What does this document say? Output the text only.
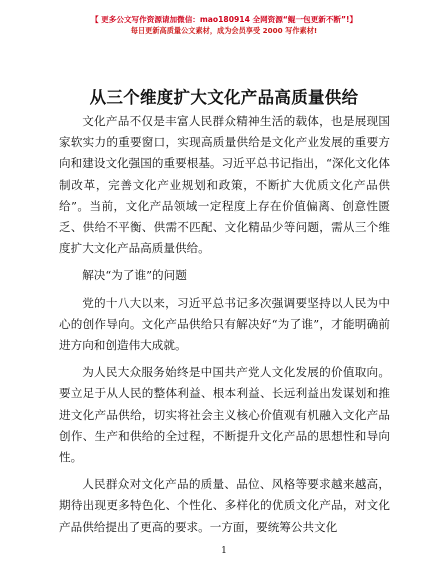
【 更多公文写作资源请加微信：mao180914 全网资源“鲲一包更新不断”!】
每日更新高质量公文素材，成为会员享受 2000 写作素材!
从三个维度扩大文化产品高质量供给

文化产品不仅是丰富人民群众精神生活的载体，也是展现国家软实力的重要窗口，实现高质量供给是文化产业发展的重要方向和建设文化强国的重要根基。习近平总书记指出，“深化文化体制改革，完善文化产业规划和政策，不断扩大优质文化产品供给”。当前，文化产品领域一定程度上存在价值偏离、创意性匮乏、供给不平衡、供需不匹配、文化精品少等问题，需从三个维度扩大文化产品高质量供给。

解决“为了谁”的问题

党的十八大以来，习近平总书记多次强调要坚持以人民为中心的创作导向。文化产品供给只有解决好“为了谁”，才能明确前进方向和创造伟大成就。

为人民大众服务始终是中国共产党人文化发展的价值取向。要立足于从人民的整体利益、根本利益、长远利益出发谋划和推进文化产品供给，切实将社会主义核心价值观有机融入文化产品创作、生产和供给的全过程，不断提升文化产品的思想性和导向性。

人民群众对文化产品的质量、品位、风格等要求越来越高，期待出现更多特色化、个性化、多样化的优质文化产品，对文化产品供给提出了更高的要求。一方面，要统筹公共文化

1
